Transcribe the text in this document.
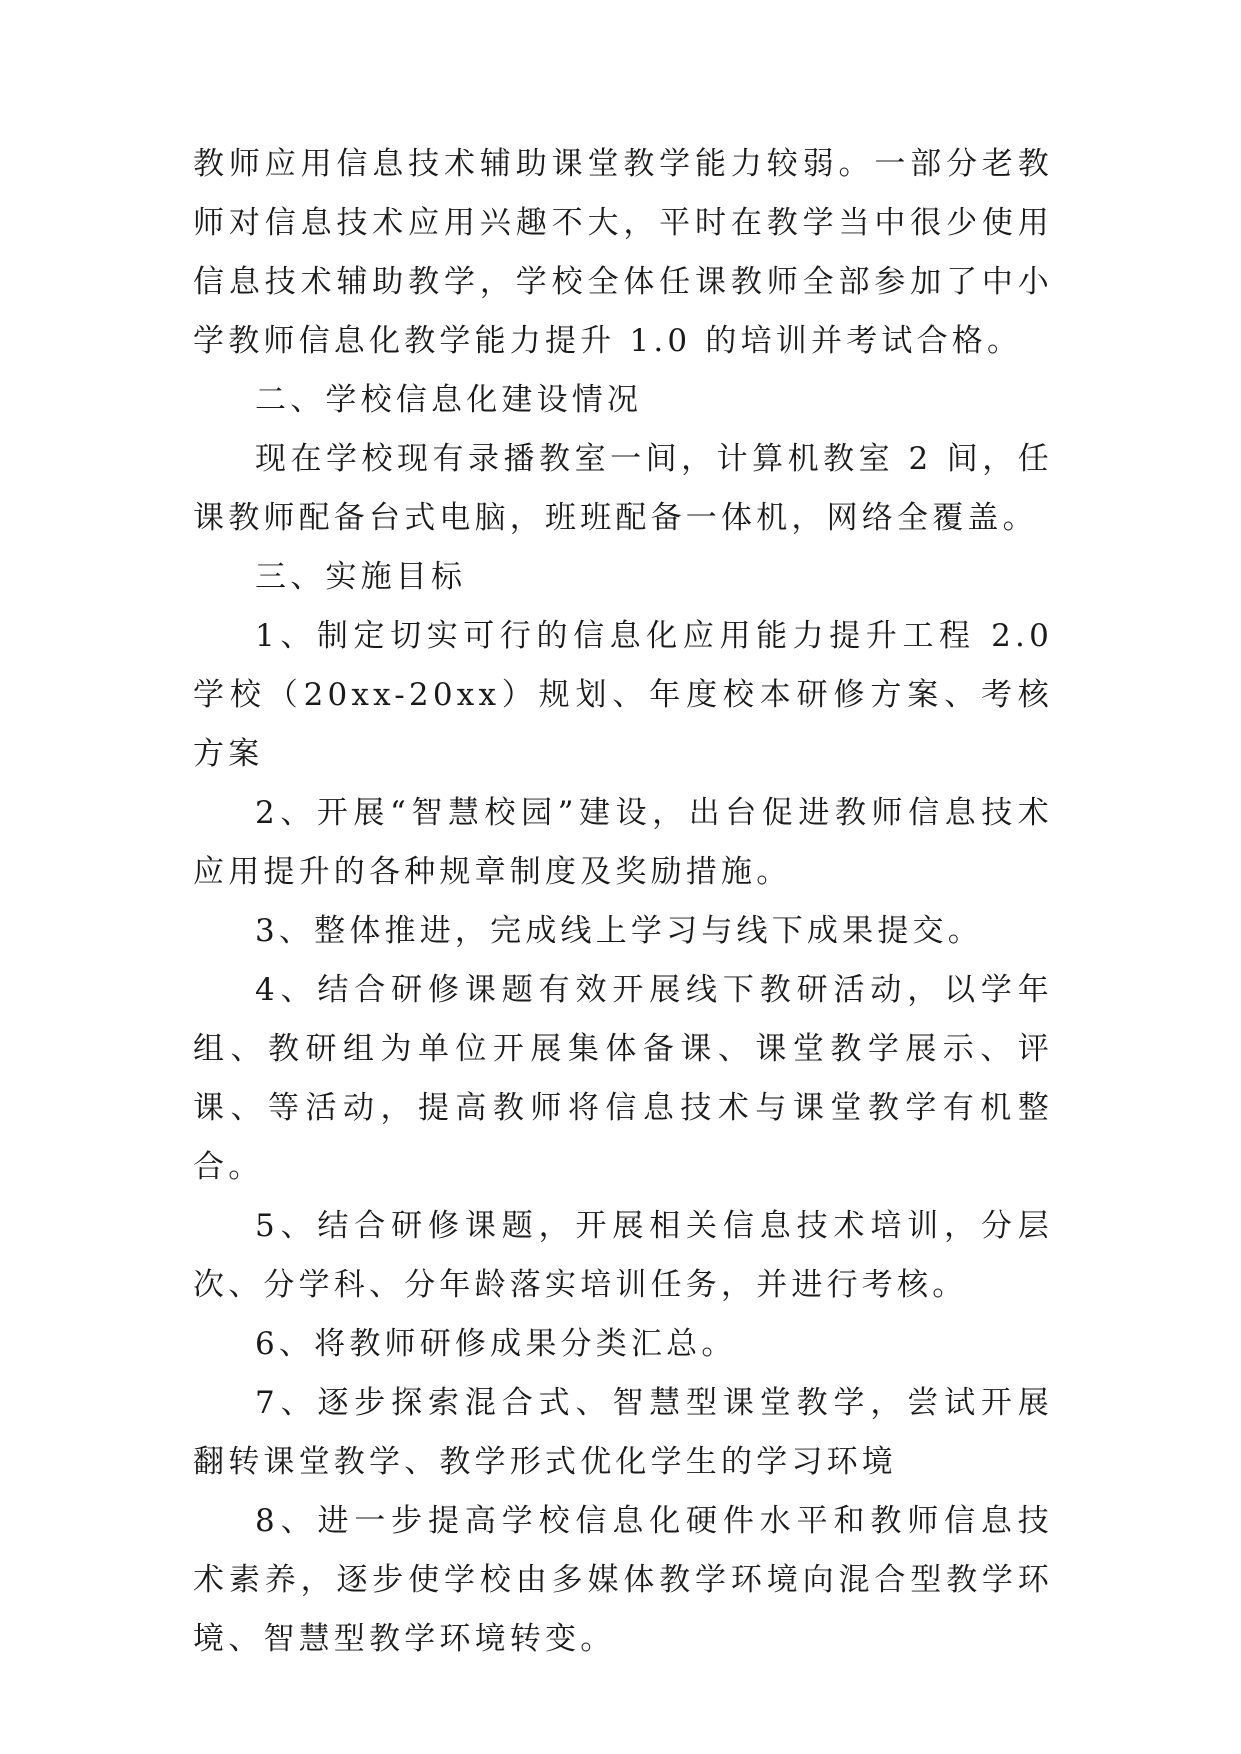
教师应用信息技术辅助课堂教学能力较弱。一部分老教师对信息技术应用兴趣不大，平时在教学当中很少使用信息技术辅助教学，学校全体任课教师全部参加了中小学教师信息化教学能力提升 1.0 的培训并考试合格。

二、学校信息化建设情况

现在学校现有录播教室一间，计算机教室 2 间，任课教师配备台式电脑，班班配备一体机，网络全覆盖。

三、实施目标

1、制定切实可行的信息化应用能力提升工程 2.0 学校（20xx-20xx）规划、年度校本研修方案、考核方案

2、开展“智慧校园”建设，出台促进教师信息技术应用提升的各种规章制度及奖励措施。

3、整体推进，完成线上学习与线下成果提交。

4、结合研修课题有效开展线下教研活动，以学年组、教研组为单位开展集体备课、课堂教学展示、评课、等活动，提高教师将信息技术与课堂教学有机整合。

5、结合研修课题，开展相关信息技术培训，分层次、分学科、分年龄落实培训任务，并进行考核。

6、将教师研修成果分类汇总。

7、逐步探索混合式、智慧型课堂教学，尝试开展翻转课堂教学、教学形式优化学生的学习环境

8、进一步提高学校信息化硬件水平和教师信息技术素养，逐步使学校由多媒体教学环境向混合型教学环境、智慧型教学环境转变。
